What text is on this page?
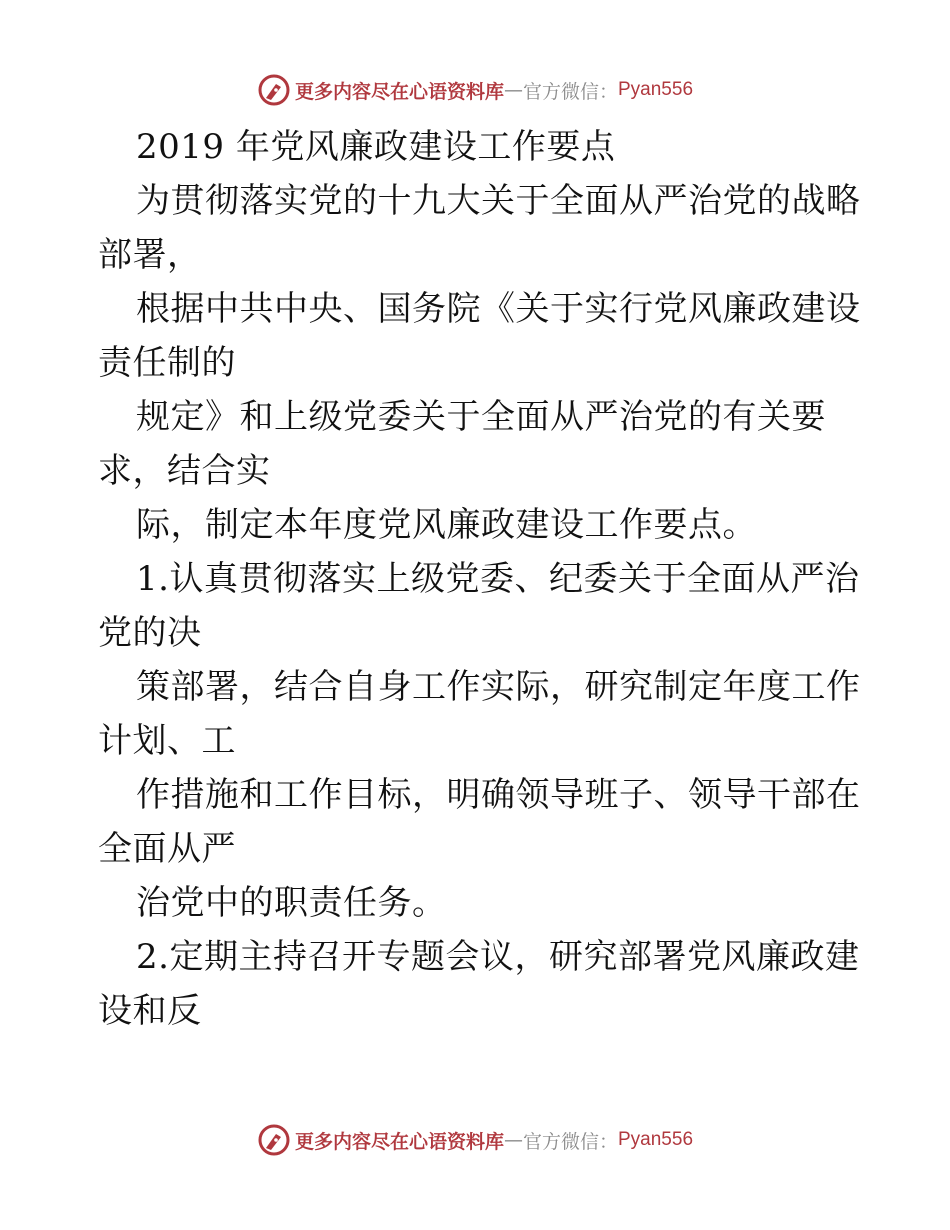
更多内容尽在心语资料库 — 官方微信： Pyan556
2019 年党风廉政建设工作要点
为贯彻落实党的十九大关于全面从严治党的战略
部署，
根据中共中央、国务院《关于实行党风廉政建设
责任制的
规定》和上级党委关于全面从严治党的有关要
求，结合实
际，制定本年度党风廉政建设工作要点。
1.认真贯彻落实上级党委、纪委关于全面从严治
党的决
策部署，结合自身工作实际，研究制定年度工作
计划、工
作措施和工作目标，明确领导班子、领导干部在
全面从严
治党中的职责任务。
2.定期主持召开专题会议，研究部署党风廉政建
设和反
更多内容尽在心语资料库 — 官方微信： Pyan556
